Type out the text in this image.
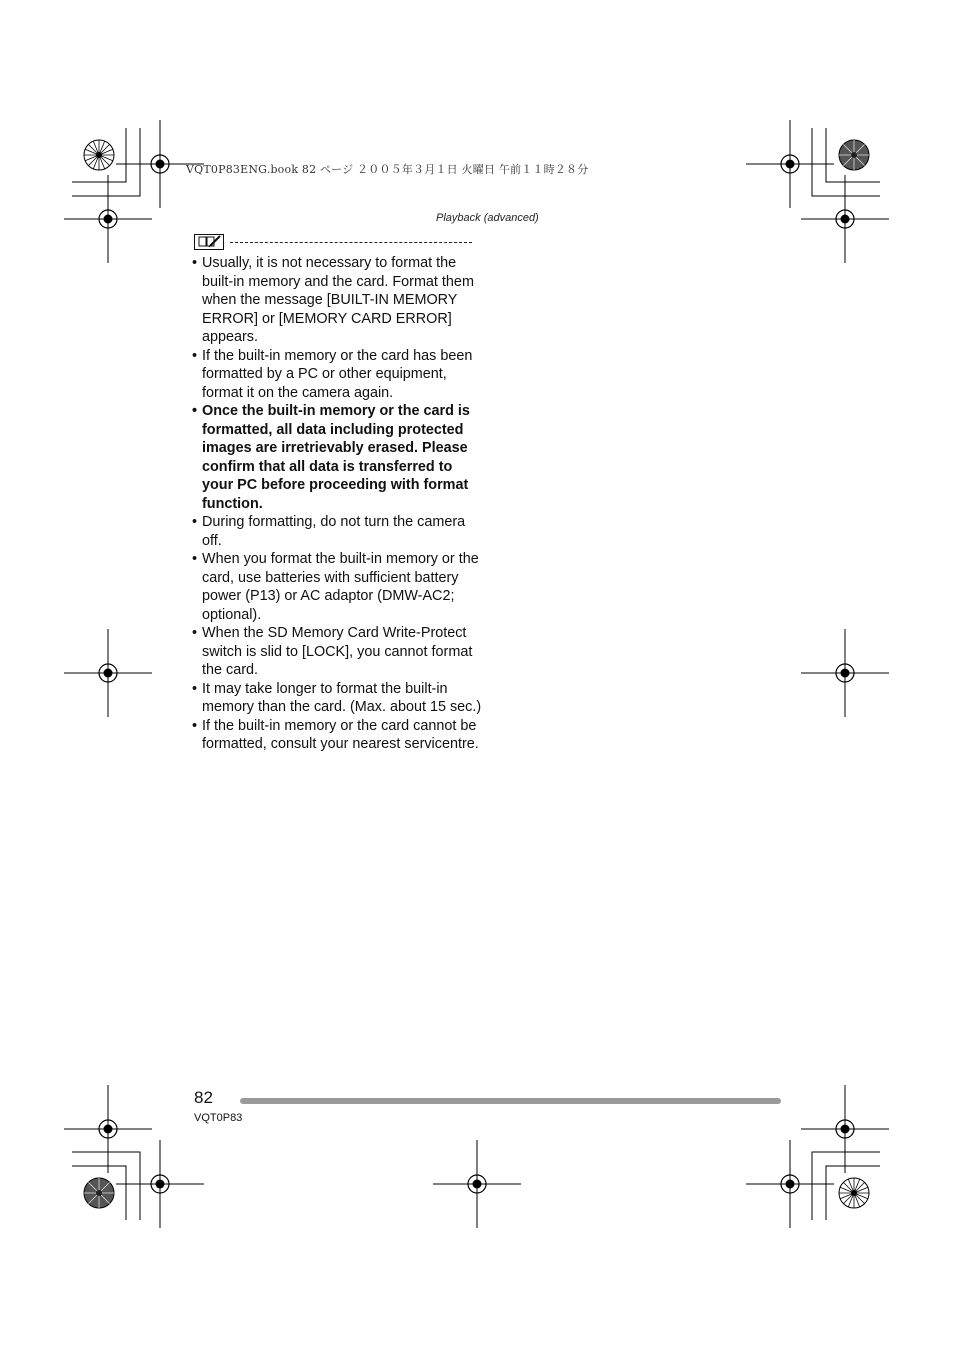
VQT0P83ENG.book 82 ページ ２００５年３月１日 火曜日 午前１１時２８分
Playback (advanced)
• Usually, it is not necessary to format the built-in memory and the card. Format them when the message [BUILT-IN MEMORY ERROR] or [MEMORY CARD ERROR] appears.
• If the built-in memory or the card has been formatted by a PC or other equipment, format it on the camera again.
• Once the built-in memory or the card is formatted, all data including protected images are irretrievably erased. Please confirm that all data is transferred to your PC before proceeding with format function.
• During formatting, do not turn the camera off.
• When you format the built-in memory or the card, use batteries with sufficient battery power (P13) or AC adaptor (DMW-AC2; optional).
• When the SD Memory Card Write-Protect switch is slid to [LOCK], you cannot format the card.
• It may take longer to format the built-in memory than the card. (Max. about 15 sec.)
• If the built-in memory or the card cannot be formatted, consult your nearest servicentre.
82
VQT0P83
